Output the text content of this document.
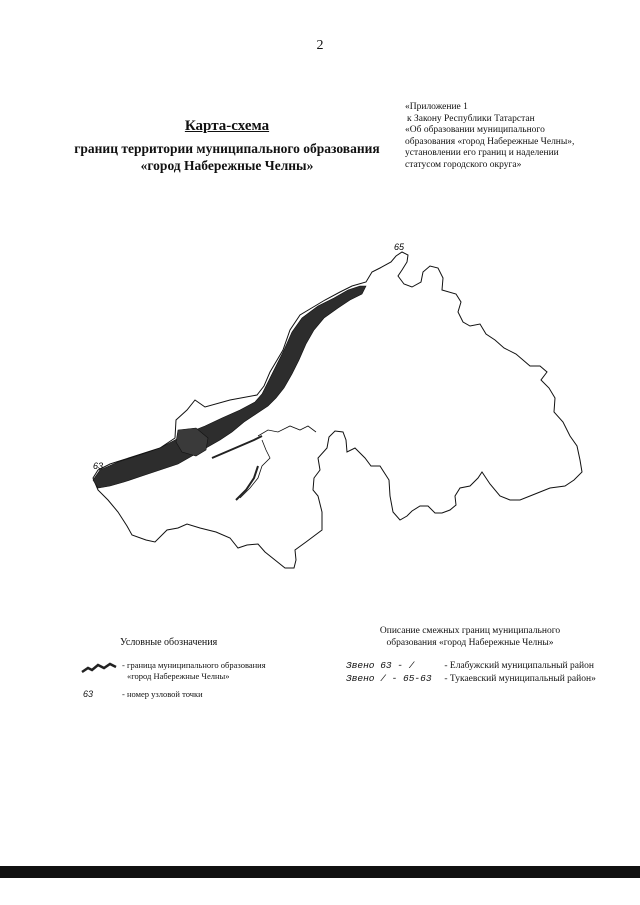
2
Карта-схема
границ территории муниципального образования
«город Набережные Челны»
«Приложение 1
к Закону Республики Татарстан
«Об образовании муниципального
образования «город Набережные Челны»,
установлении его границ и наделении
статусом городского округа»
65
63
Условные обозначения
- граница муниципального образования
«город Набережные Челны»
63	- номер узловой точки
Описание смежных границ муниципального
образования «город Набережные Челны»
Звено 63 - /	- Елабужский муниципальный район
Звено / - 65-63 - Тукаевский муниципальный район»
